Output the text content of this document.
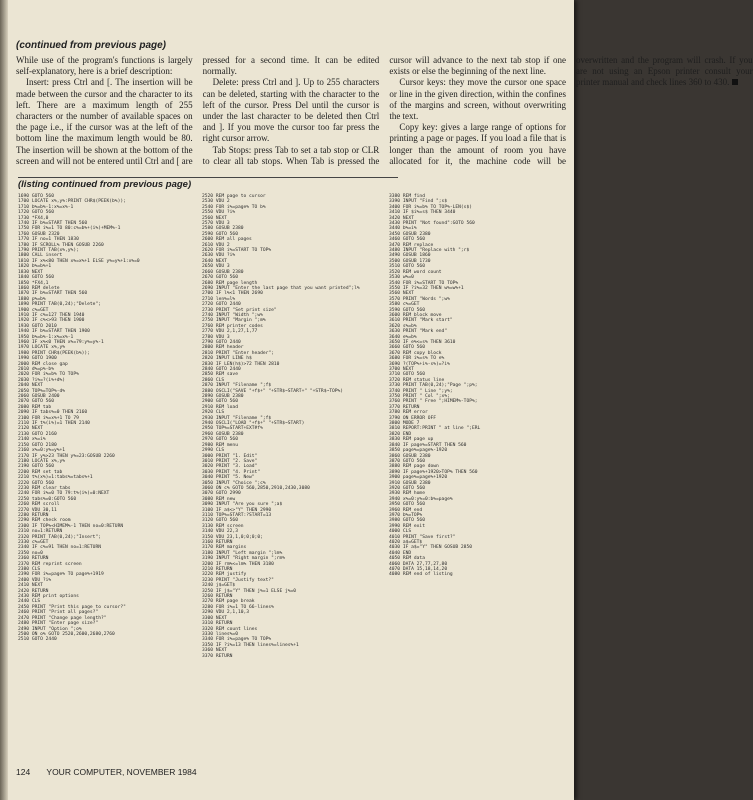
(continued from previous page)

While use of the program's functions is largely self-explanatory, here is a brief description:

Insert: press Ctrl and [. The insertion will be made between the cursor and the character to its left. There are a maximum length of 255 characters or the number of available spaces on the page i.e., if the cursor was at the left of the bottom line the maximum length would be 80. The insertion will be shown at the bottom of the screen and will not be entered until Ctrl and [ are pressed for a second time. It can be edited normally.

Delete: press Ctrl and ]. Up to 255 characters can be deleted, starting with the character to the left of the cursor. Press Del until the cursor is under the last character to be deleted then Ctrl and ]. If you move the cursor too far press the right cursor arrow.

Tab Stops: press Tab to set a tab stop or CLR to clear all tab stops. When Tab is pressed the cursor will advance to the next tab stop if one exists or else the beginning of the next line.

Cursor keys: they move the cursor one space or line in the given direction, within the confines of the margins and screen, without overwriting the text.

Copy key: gives a large range of options for printing a page or pages. If you load a file that is longer than the amount of room you have allocated for it, the machine code will be overwritten and the program will crash. If you are not using an Epson printer consult your printer manual and check lines 360 to 430.

(listing continued from previous page)
1690 GOTO 560
1700 LOCATE x%,y%:PRINT CHR$(PEEK(b%));
1710 b%=b%-1:x%=x%-1
1720 GOTO 560
1730 *FX4,0
1740 IF b%=START THEN 560
1750 FOR i%=1 TO 80:c%=b%+(i%)+MEM%-1
1760 GOSUB 2320
1770 IF no=1 THEN 1830
1780 IF SCROLL% THEN GOSUB 2260
1790 PRINT TAB(x%,y%);
1800 CALL insert
1810 IF x%<80 THEN x%=x%+1 ELSE y%=y%+1:x%=0
1820 b%=b%+1
1830 NEXT
1840 GOTO 560
1850 *FX4,1
1860 REM delete
1870 IF b%=START THEN 560
1880 p%=b%
1890 PRINT TAB(0,24);"Delete";
1900 c%=GET
1910 IF c%=127 THEN 1940
1920 IF c%<>93 THEN 1900
1930 GOTO 2010
1940 IF b%=START THEN 1900
1950 b%=b%-1:x%=x%-1
1960 IF x%<0 THEN x%=79:y%=y%-1
1970 LOCATE x%,y%
1980 PRINT CHR$(PEEK(b%));
1990 GOTO 1900
2000 REM close gap
2010 d%=p%-b%
2020 FOR i%=b% TO TOP%
2030 ?i%=?(i%+d%)
2040 NEXT
2050 TOP%=TOP%-d%
2060 GOSUB 2400
2070 GOTO 560
2080 REM tab
2090 IF tabs%=0 THEN 2160
2100 FOR i%=x%+1 TO 79
2110 IF t%(i%)=1 THEN 2140
2120 NEXT
2130 GOTO 2160
2140 x%=i%
2150 GOTO 2180
2160 x%=0:y%=y%+1
2170 IF y%>23 THEN y%=23:GOSUB 2260
2180 LOCATE x%,y%
2190 GOTO 560
2200 REM set tab
2210 t%(x%)=1:tabs%=tabs%+1
2220 GOTO 560
2230 REM clear tabs
2240 FOR i%=0 TO 79:t%(i%)=0:NEXT
2250 tabs%=0:GOTO 560
2260 REM scroll
2270 VDU 30,11
2280 RETURN
2290 REM check room
2300 IF TOP%<HIMEM%-1 THEN no=0:RETURN
2310 no=1:RETURN
2320 PRINT TAB(0,24);"Insert";
2330 c%=GET
2340 IF c%=91 THEN no=1:RETURN
2350 no=0
2360 RETURN
2370 REM reprint screen
2380 CLS
2390 FOR i%=page% TO page%+1919
2400 VDU ?i%
2410 NEXT
2420 RETURN
2430 REM print options
2440 CLS
2450 PRINT "Print this page to cursor?"
2460 PRINT "Print all pages?"
2470 PRINT "Change page length?"
2480 PRINT "Enter page size?"
2490 INPUT "Option ";o%
2500 ON o% GOTO 2520,2600,2680,2760
2510 GOTO 2440
2520 REM page to cursor
2530 VDU 2
2540 FOR i%=page% TO b%
2550 VDU ?i%
2560 NEXT
2570 VDU 3
2580 GOSUB 2380
2590 GOTO 560
2600 REM all pages
2610 VDU 2
2620 FOR i%=START TO TOP%
2630 VDU ?i%
2640 NEXT
2650 VDU 3
2660 GOSUB 2380
2670 GOTO 560
2680 REM page length
2690 INPUT "Enter the last page that you want printed";l%
2700 IF l%<1 THEN 2690
2710 len%=l%
2720 GOTO 2440
2730 PRINT "Set print size"
2740 INPUT "Width ";w%
2750 INPUT "Margin ";m%
2760 REM printer codes
2770 VDU 2,1,27,1,77
2780 VDU 3
2790 GOTO 2440
2800 REM header
2810 PRINT "Enter header";
2820 INPUT LINE h$
2830 IF LEN(h$)>72 THEN 2810
2840 GOTO 2440
2850 REM save
2860 CLS
2870 INPUT "Filename ";f$
2880 OSCLI("SAVE "+f$+" "+STR$~START+" "+STR$~TOP%)
2890 GOSUB 2380
2900 GOTO 560
2910 REM load
2920 CLS
2930 INPUT "Filename ";f$
2940 OSCLI("LOAD "+f$+" "+STR$~START)
2950 TOP%=START+EXT#f%
2960 GOSUB 2380
2970 GOTO 560
2980 REM menu
2990 CLS
3000 PRINT "1. Edit"
3010 PRINT "2. Save"
3020 PRINT "3. Load"
3030 PRINT "4. Print"
3040 PRINT "5. New"
3050 INPUT "Choice ";c%
3060 ON c% GOTO 560,2850,2910,2430,3080
3070 GOTO 2990
3080 REM new
3090 INPUT "Are you sure ";a$
3100 IF a$<>"Y" THEN 2990
3110 TOP%=START:?START=13
3120 GOTO 560
3130 REM screen
3140 VDU 22,3
3150 VDU 23,1,0;0;0;0;
3160 RETURN
3170 REM margins
3180 INPUT "Left margin ";lm%
3190 INPUT "Right margin ";rm%
3200 IF rm%<=lm% THEN 3180
3210 RETURN
3220 REM justify
3230 PRINT "Justify text?"
3240 j$=GET$
3250 IF j$="Y" THEN j%=1 ELSE j%=0
3260 RETURN
3270 REM page break
3280 FOR i%=1 TO 66-lines%
3290 VDU 2,1,10,3
3300 NEXT
3310 RETURN
3320 REM count lines
3330 lines%=0
3340 FOR i%=page% TO TOP%
3350 IF ?i%=13 THEN lines%=lines%+1
3360 NEXT
3370 RETURN
3380 REM find
3390 INPUT "Find ";s$
3400 FOR i%=b% TO TOP%-LEN(s$)
3410 IF $i%=s$ THEN 3440
3420 NEXT
3430 PRINT "Not found":GOTO 560
3440 b%=i%
3450 GOSUB 2380
3460 GOTO 560
3470 REM replace
3480 INPUT "Replace with ";r$
3490 GOSUB 1860
3500 GOSUB 1730
3510 GOTO 560
3520 REM word count
3530 w%=0
3540 FOR i%=START TO TOP%
3550 IF ?i%=32 THEN w%=w%+1
3560 NEXT
3570 PRINT "Words ";w%
3580 c%=GET
3590 GOTO 560
3600 REM block move
3610 PRINT "Mark start"
3620 s%=b%
3630 PRINT "Mark end"
3640 e%=b%
3650 IF e%<=s% THEN 3610
3660 GOTO 560
3670 REM copy block
3680 FOR i%=s% TO e%
3690 ?(TOP%+i%-s%)=?i%
3700 NEXT
3710 GOTO 560
3720 REM status line
3730 PRINT TAB(0,24);"Page ";p%;
3740 PRINT " Line ";y%;
3750 PRINT " Col ";x%;
3760 PRINT " Free ";HIMEM%-TOP%;
3770 RETURN
3780 REM error
3790 ON ERROR OFF
3800 MODE 7
3810 REPORT:PRINT " at line ";ERL
3820 END
3830 REM page up
3840 IF page%=START THEN 560
3850 page%=page%-1920
3860 GOSUB 2380
3870 GOTO 560
3880 REM page down
3890 IF page%+1920>TOP% THEN 560
3900 page%=page%+1920
3910 GOSUB 2380
3920 GOTO 560
3930 REM home
3940 x%=0:y%=0:b%=page%
3950 GOTO 560
3960 REM end
3970 b%=TOP%
3980 GOTO 560
3990 REM exit
4000 CLS
4010 PRINT "Save first?"
4020 a$=GET$
4030 IF a$="Y" THEN GOSUB 2850
4040 END
4050 REM data
4060 DATA 27,77,27,80
4070 DATA 15,18,14,20
4080 REM end of listing
124 YOUR COMPUTER, NOVEMBER 1984
